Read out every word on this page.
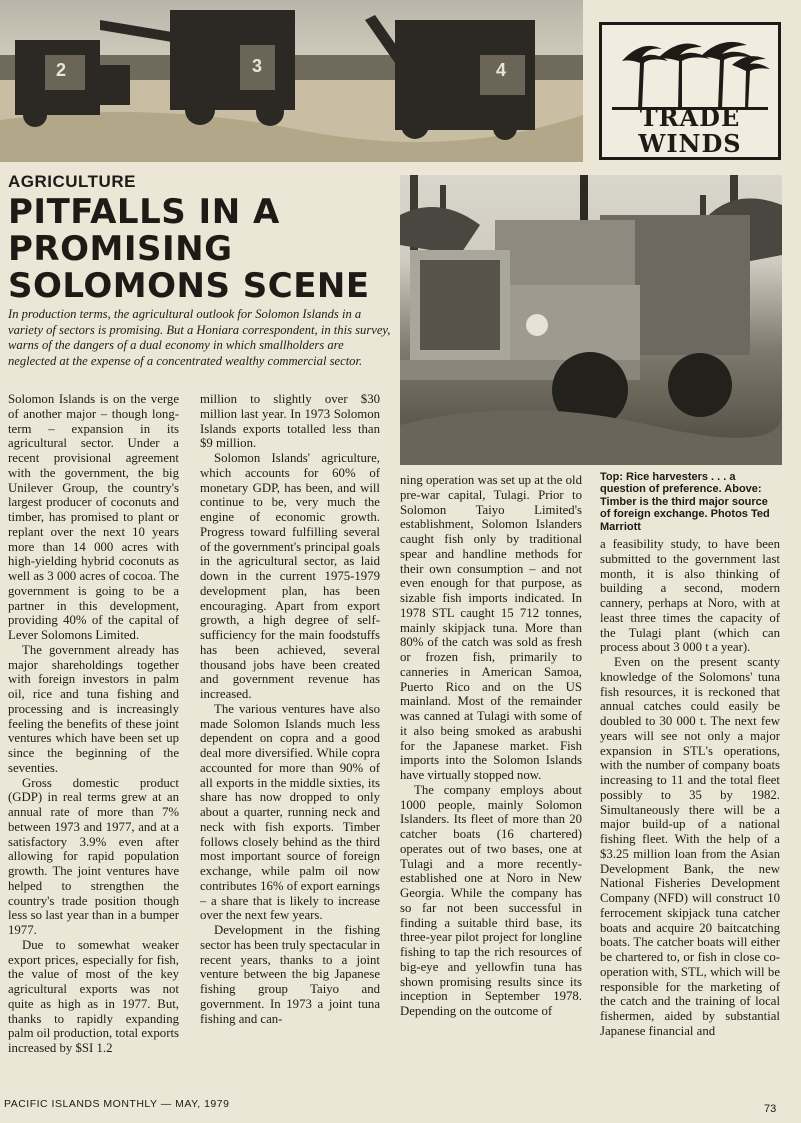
2	3	4
TRADE
WINDS
AGRICULTURE
PITFALLS IN A
PROMISING
SOLOMONS SCENE
In production terms, the agricultural outlook for Solomon Islands in a variety of sectors is promising. But a Honiara correspondent, in this survey, warns of the dangers of a dual economy in which smallholders are neglected at the expense of a concentrated wealthy commercial sector.

Solomon Islands is on the verge of another major – though long-term – expansion in its agricultural sector. Under a recent provisional agreement with the government, the big Unilever Group, the country's largest producer of coconuts and timber, has promised to plant or replant over the next 10 years more than 14 000 acres with high-yielding hybrid coconuts as well as 3 000 acres of cocoa. The government is going to be a partner in this development, providing 40% of the capital of Lever Solomons Limited.

The government already has major shareholdings together with foreign investors in palm oil, rice and tuna fishing and processing and is increasingly feeling the benefits of these joint ventures which have been set up since the beginning of the seventies.

Gross domestic product (GDP) in real terms grew at an annual rate of more than 7% between 1973 and 1977, and at a satisfactory 3.9% even after allowing for rapid population growth. The joint ventures have helped to strengthen the country's trade position though less so last year than in a bumper 1977.

Due to somewhat weaker export prices, especially for fish, the value of most of the key agricultural exports was not quite as high as in 1977. But, thanks to rapidly expanding palm oil production, total exports increased by $SI 1.2

million to slightly over $30 million last year. In 1973 Solomon Islands exports totalled less than $9 million.

Solomon Islands' agriculture, which accounts for 60% of monetary GDP, has been, and will continue to be, very much the engine of economic growth. Progress toward fulfilling several of the government's principal goals in the agricultural sector, as laid down in the current 1975-1979 development plan, has been encouraging. Apart from export growth, a high degree of self-sufficiency for the main foodstuffs has been achieved, several thousand jobs have been created and government revenue has increased.

The various ventures have also made Solomon Islands much less dependent on copra and a good deal more diversified. While copra accounted for more than 90% of all exports in the middle sixties, its share has now dropped to only about a quarter, running neck and neck with fish exports. Timber follows closely behind as the third most important source of foreign exchange, while palm oil now contributes 16% of export earnings – a share that is likely to increase over the next few years.

Development in the fishing sector has been truly spectacular in recent years, thanks to a joint venture between the big Japanese fishing group Taiyo and government. In 1973 a joint tuna fishing and can-

ning operation was set up at the old pre-war capital, Tulagi. Prior to Solomon Taiyo Limited's establishment, Solomon Islanders caught fish only by traditional spear and handline methods for their own consumption – and not even enough for that purpose, as sizable fish imports indicated. In 1978 STL caught 15 712 tonnes, mainly skipjack tuna. More than 80% of the catch was sold as fresh or frozen fish, primarily to canneries in American Samoa, Puerto Rico and on the US mainland. Most of the remainder was canned at Tulagi with some of it also being smoked as arabushi for the Japanese market. Fish imports into the Solomon Islands have virtually stopped now.

The company employs about 1000 people, mainly Solomon Islanders. Its fleet of more than 20 catcher boats (16 chartered) operates out of two bases, one at Tulagi and a more recently-established one at Noro in New Georgia. While the company has so far not been successful in finding a suitable third base, its three-year pilot project for longline fishing to tap the rich resources of big-eye and yellowfin tuna has shown promising results since its inception in September 1978. Depending on the outcome of

Top: Rice harvesters . . . a question of preference. Above: Timber is the third major source of foreign exchange. Photos Ted Marriott

a feasibility study, to have been submitted to the government last month, it is also thinking of building a second, modern cannery, perhaps at Noro, with at least three times the capacity of the Tulagi plant (which can process about 3 000 t a year).

Even on the present scanty knowledge of the Solomons' tuna fish resources, it is reckoned that annual catches could easily be doubled to 30 000 t. The next few years will see not only a major expansion in STL's operations, with the number of company boats increasing to 11 and the total fleet possibly to 35 by 1982. Simultaneously there will be a major build-up of a national fishing fleet. With the help of a $3.25 million loan from the Asian Development Bank, the new National Fisheries Development Company (NFD) will construct 10 ferrocement skipjack tuna catcher boats and acquire 20 baitcatching boats. The catcher boats will either be chartered to, or fish in close co-operation with, STL, which will be responsible for the marketing of the catch and the training of local fishermen, aided by substantial Japanese financial and

PACIFIC ISLANDS MONTHLY — MAY, 1979	73
